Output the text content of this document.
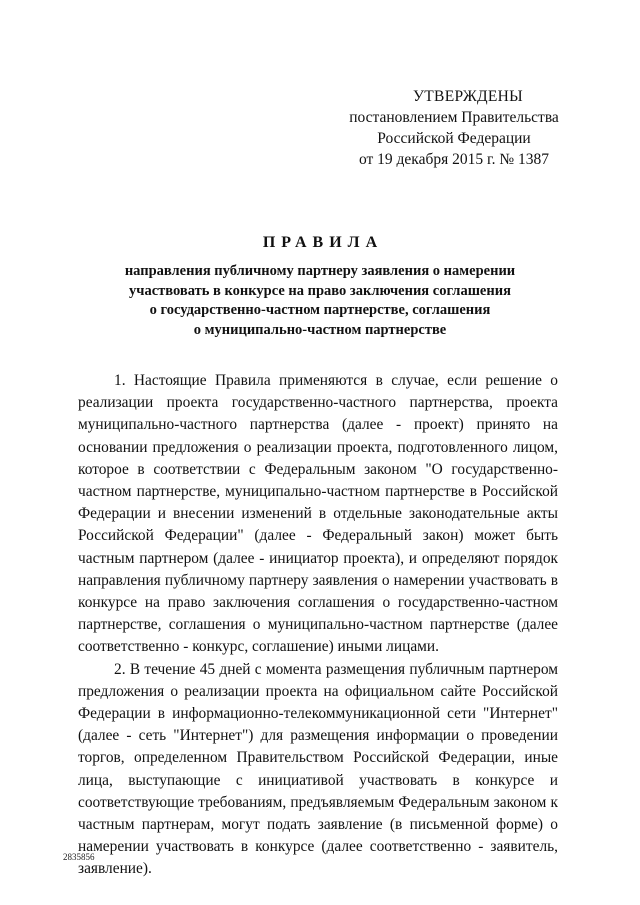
УТВЕРЖДЕНЫ
постановлением Правительства
Российской Федерации
от 19 декабря 2015 г. № 1387
ПРАВИЛА
направления публичному партнеру заявления о намерении
участвовать в конкурсе на право заключения соглашения
о государственно-частном партнерстве, соглашения
о муниципально-частном партнерстве

1. Настоящие Правила применяются в случае, если решение о реализации проекта государственно-частного партнерства, проекта муниципально-частного партнерства (далее - проект) принято на основании предложения о реализации проекта, подготовленного лицом, которое в соответствии с Федеральным законом "О государственно-частном партнерстве, муниципально-частном партнерстве в Российской Федерации и внесении изменений в отдельные законодательные акты Российской Федерации" (далее - Федеральный закон) может быть частным партнером (далее - инициатор проекта), и определяют порядок направления публичному партнеру заявления о намерении участвовать в конкурсе на право заключения соглашения о государственно-частном партнерстве, соглашения о муниципально-частном партнерстве (далее соответственно - конкурс, соглашение) иными лицами.

2. В течение 45 дней с момента размещения публичным партнером предложения о реализации проекта на официальном сайте Российской Федерации в информационно-телекоммуникационной сети "Интернет" (далее - сеть "Интернет") для размещения информации о проведении торгов, определенном Правительством Российской Федерации, иные лица, выступающие с инициативой участвовать в конкурсе и соответствующие требованиям, предъявляемым Федеральным законом к частным партнерам, могут подать заявление (в письменной форме) о намерении участвовать в конкурсе (далее соответственно - заявитель, заявление).

2835856
